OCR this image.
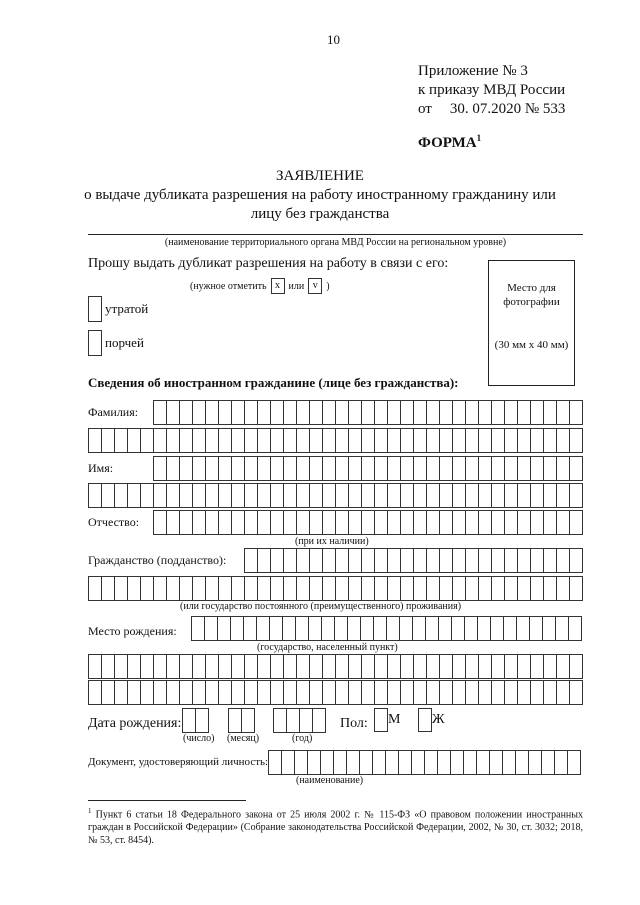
10
Приложение № 3
к приказу МВД России
от 30. 07.2020 № 533
ФОРМА$^1$
ЗАЯВЛЕНИЕ
о выдаче дубликата разрешения на работу иностранному гражданину или
лицу без гражданства
(наименование территориального органа МВД России на региональном уровне)
Прошу выдать дубликат разрешения на работу в связи с его:
(нужное отметить x или v )
утратой
порчей
Место для
фотографии
(30 мм х 40 мм)
Сведения об иностранном гражданине (лице без гражданства):
Фамилия:
Имя:
Отчество:
(при их наличии)
Гражданство (подданство):
(или государство постоянного (преимущественного) проживания)
Место рождения:
(государство, населенный пункт)
Дата рождения:
(число) (месяц)	(год)
Пол: М Ж
Документ, удостоверяющий личность:
(наименование)
$^1$ Пункт 6 статьи 18 Федерального закона от 25 июля 2002 г. № 115-ФЗ «О правовом положении иностранных граждан в Российской Федерации» (Собрание законодательства Российской Федерации, 2002, № 30, ст. 3032; 2018, № 53, ст. 8454).
